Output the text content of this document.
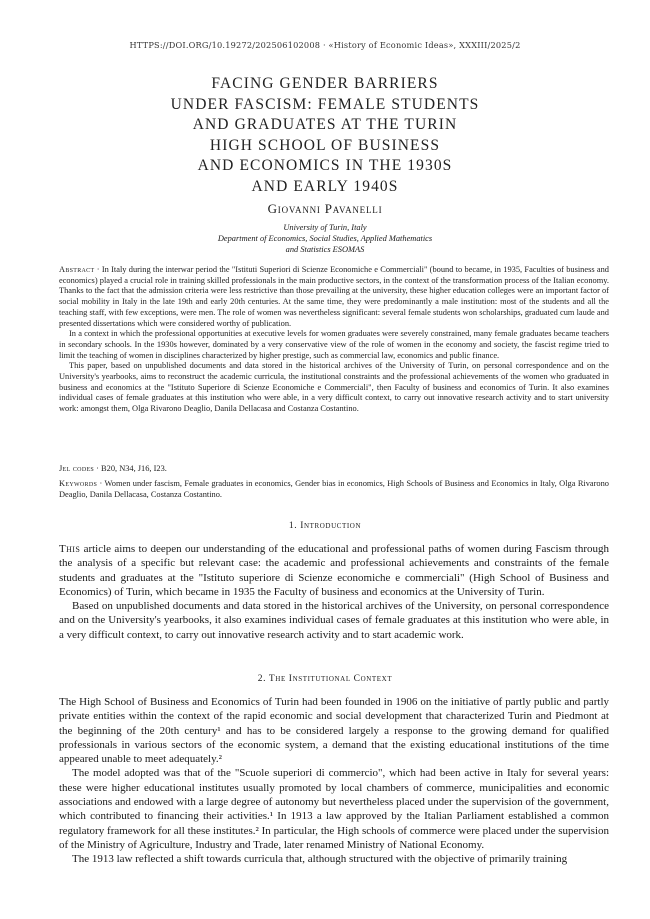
HTTPS://DOI.ORG/10.19272/202506102008 · «History of Economic Ideas», XXXIII/2025/2
FACING GENDER BARRIERS
UNDER FASCISM: FEMALE STUDENTS
AND GRADUATES AT THE TURIN
HIGH SCHOOL OF BUSINESS
AND ECONOMICS IN THE 1930S
AND EARLY 1940S
Giovanni Pavanelli
University of Turin, Italy
Department of Economics, Social Studies, Applied Mathematics
and Statistics ESOMAS

Abstract · In Italy during the interwar period the "Istituti Superiori di Scienze Economiche e Commerciali" (bound to became, in 1935, Faculties of business and economics) played a crucial role in training skilled professionals in the main productive sectors, in the context of the transformation process of the Italian economy. Thanks to the fact that the admission criteria were less restrictive than those prevailing at the university, these higher education colleges were an important factor of social mobility in Italy in the late 19th and early 20th centuries. At the same time, they were predominantly a male institution: most of the students and all the teaching staff, with few exceptions, were men. The role of women was nevertheless significant: several female students won scholarships, graduated cum laude and presented dissertations which were considered worthy of publication.

In a context in which the professional opportunities at executive levels for women graduates were severely constrained, many female graduates became teachers in secondary schools. In the 1930s however, dominated by a very conservative view of the role of women in the economy and society, the fascist regime tried to limit the teaching of women in disciplines characterized by higher prestige, such as commercial law, economics and public finance.

This paper, based on unpublished documents and data stored in the historical archives of the University of Turin, on personal correspondence and on the University's yearbooks, aims to reconstruct the academic curricula, the institutional constraints and the professional achievements of the women who graduated in business and economics at the "Istituto Superiore di Scienze Economiche e Commerciali", then Faculty of business and economics of Turin. It also examines individual cases of female graduates at this institution who were able, in a very difficult context, to carry out innovative research activity and to start university work: amongst them, Olga Rivarono Deaglio, Danila Dellacasa and Costanza Costantino.

Jel codes · B20, N34, J16, I23.
Keywords · Women under fascism, Female graduates in economics, Gender bias in economics, High Schools of Business and Economics in Italy, Olga Rivarono Deaglio, Danila Dellacasa, Costanza Costantino.
1. Introduction

This article aims to deepen our understanding of the educational and professional paths of women during Fascism through the analysis of a specific but relevant case: the academic and professional achievements and constraints of the female students and graduates at the "Istituto superiore di Scienze economiche e commerciali" (High School of Business and Economics) of Turin, which became in 1935 the Faculty of business and economics at the University of Turin.

Based on unpublished documents and data stored in the historical archives of the University, on personal correspondence and on the University's yearbooks, it also examines individual cases of female graduates at this institution who were able, in a very difficult context, to carry out innovative research activity and to start academic work.

2. The Institutional Context

The High School of Business and Economics of Turin had been founded in 1906 on the initiative of partly public and partly private entities within the context of the rapid economic and social development that characterized Turin and Piedmont at the beginning of the 20th century¹ and has to be considered largely a response to the growing demand for qualified professionals in various sectors of the economic system, a demand that the existing educational institutions of the time appeared unable to meet adequately.²

The model adopted was that of the "Scuole superiori di commercio", which had been active in Italy for several years: these were higher educational institutes usually promoted by local chambers of commerce, municipalities and economic associations and endowed with a large degree of autonomy but nevertheless placed under the supervision of the government, which contributed to financing their activities.¹ In 1913 a law approved by the Italian Parliament established a common regulatory framework for all these institutes.² In particular, the High schools of commerce were placed under the supervision of the Ministry of Agriculture, Industry and Trade, later renamed Ministry of National Economy.

The 1913 law reflected a shift towards curricula that, although structured with the objective of primarily training
